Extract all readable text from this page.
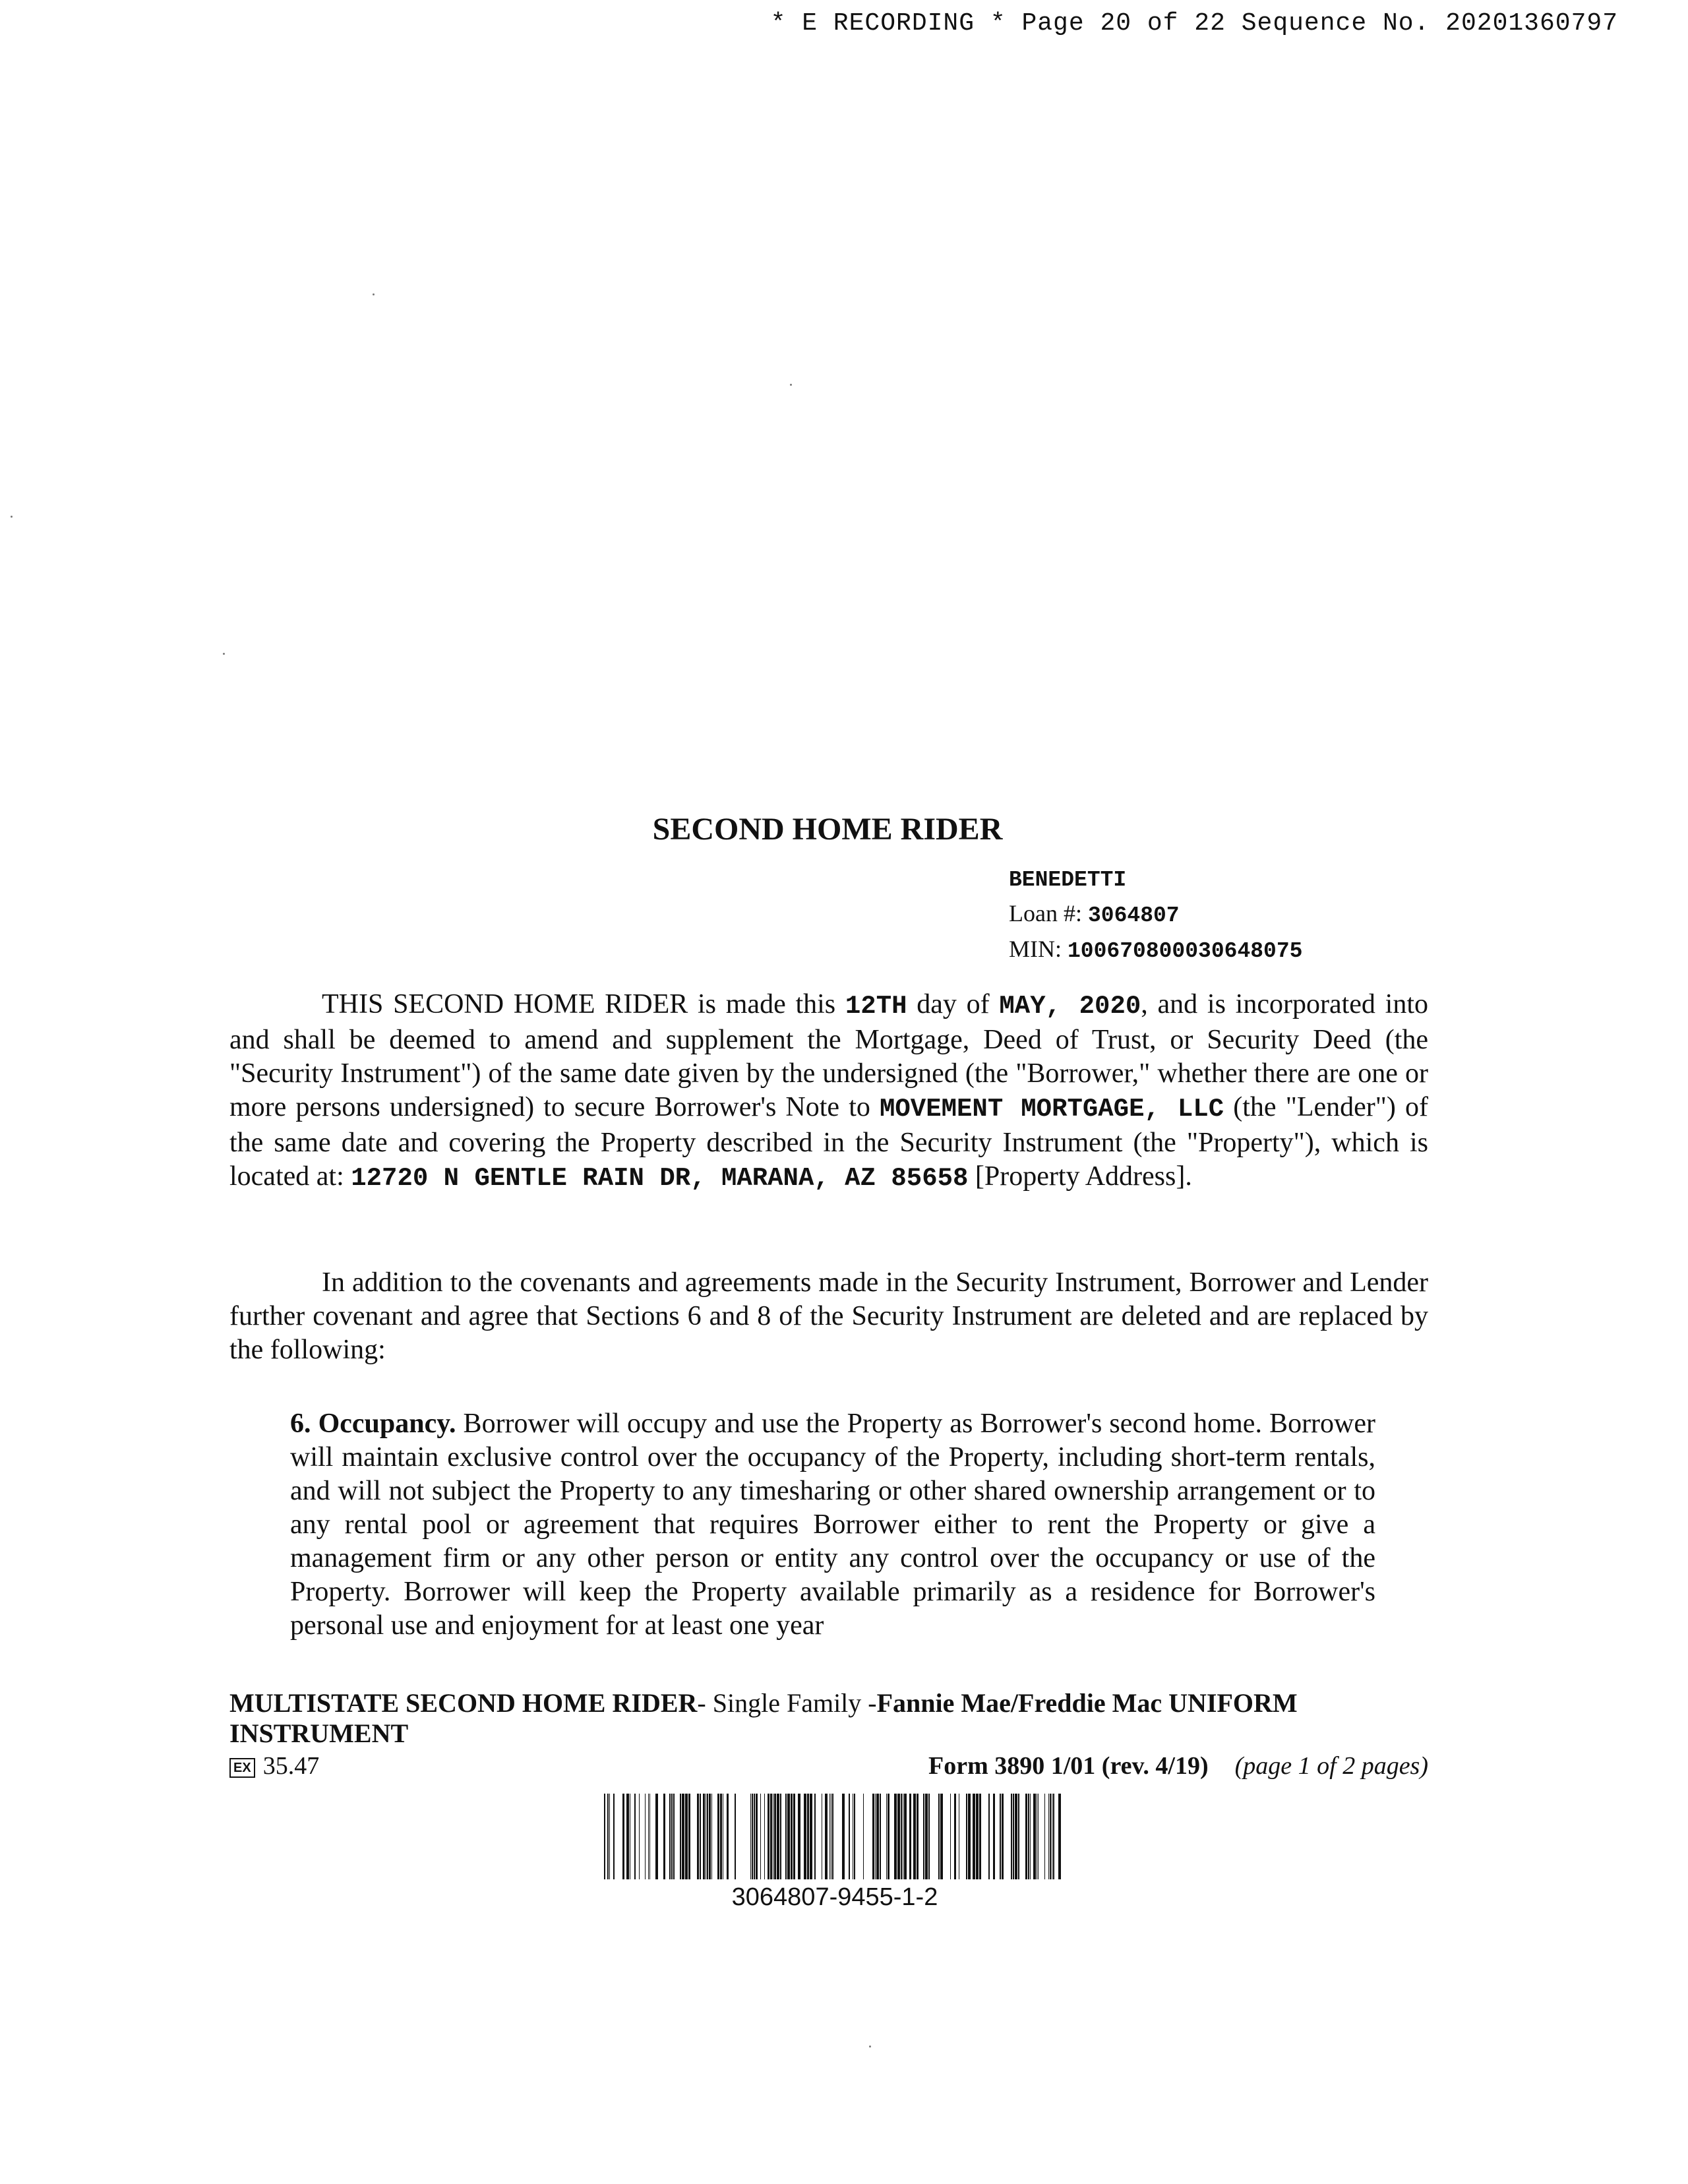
* E RECORDING * Page 20 of 22 Sequence No. 20201360797
SECOND HOME RIDER
BENEDETTI
Loan #: 3064807
MIN: 100670800030648075
THIS SECOND HOME RIDER is made this 12TH day of MAY, 2020, and is incorporated into and shall be deemed to amend and supplement the Mortgage, Deed of Trust, or Security Deed (the "Security Instrument") of the same date given by the undersigned (the "Borrower," whether there are one or more persons undersigned) to secure Borrower's Note to MOVEMENT MORTGAGE, LLC (the "Lender") of the same date and covering the Property described in the Security Instrument (the "Property"), which is located at: 12720 N GENTLE RAIN DR, MARANA, AZ 85658 [Property Address].
In addition to the covenants and agreements made in the Security Instrument, Borrower and Lender further covenant and agree that Sections 6 and 8 of the Security Instrument are deleted and are replaced by the following:
6. Occupancy. Borrower will occupy and use the Property as Borrower's second home. Borrower will maintain exclusive control over the occupancy of the Property, including short-term rentals, and will not subject the Property to any timesharing or other shared ownership arrangement or to any rental pool or agreement that requires Borrower either to rent the Property or give a management firm or any other person or entity any control over the occupancy or use of the Property. Borrower will keep the Property available primarily as a residence for Borrower's personal use and enjoyment for at least one year
MULTISTATE SECOND HOME RIDER- Single Family -Fannie Mae/Freddie Mac UNIFORM INSTRUMENT
EX 35.47	Form 3890 1/01 (rev. 4/19) (page 1 of 2 pages)
3064807-9455-1-2
